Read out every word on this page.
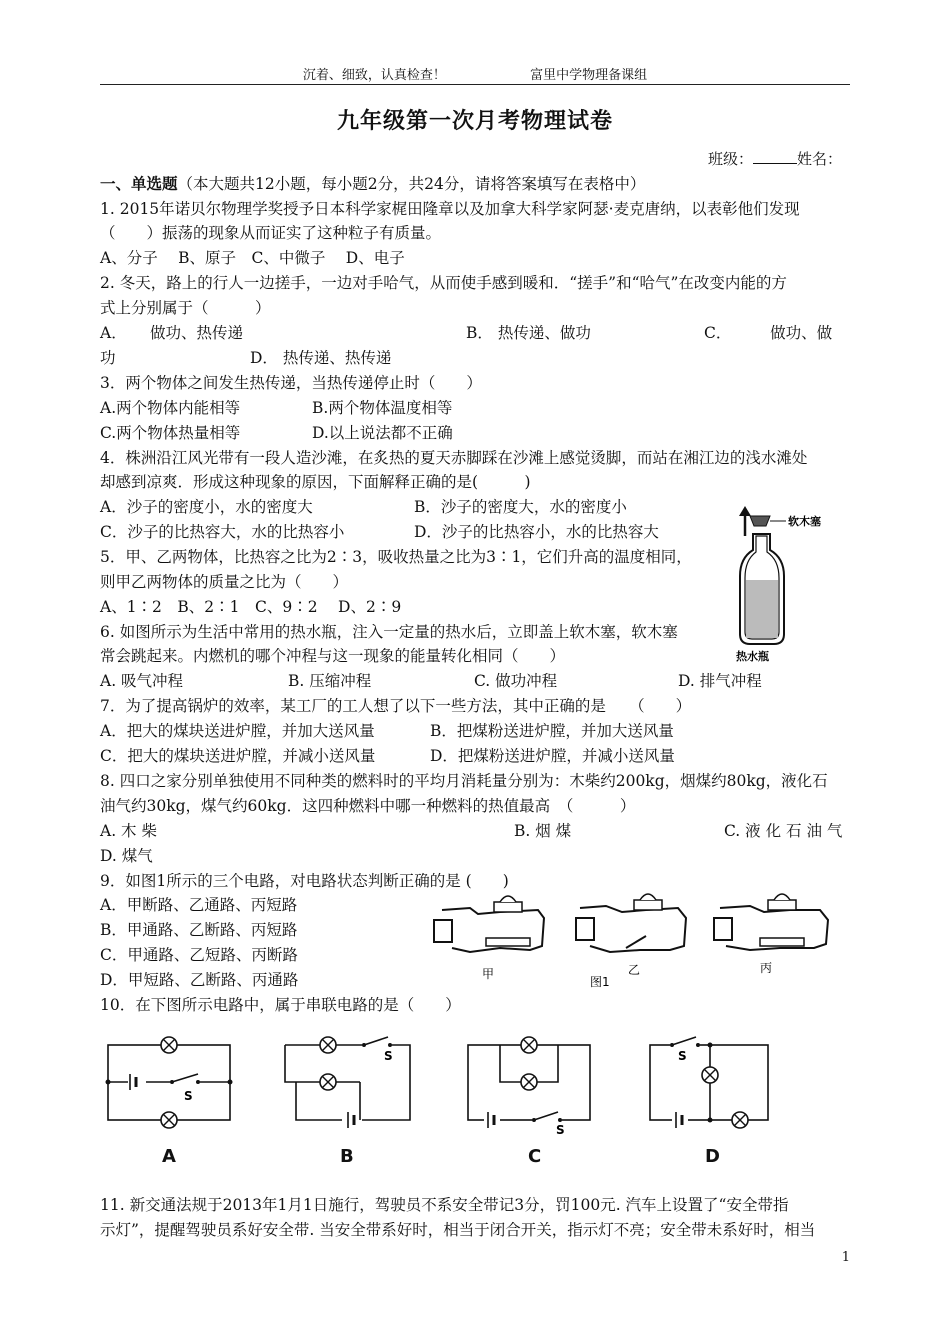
沉着、细致，认真检查！	富里中学物理备课组
九年级第一次月考物理试卷
班级：	姓名：
一、单选题（本大题共12小题，每小题2分，共24分，请将答案填写在表格中）
1. 2015年诺贝尔物理学奖授予日本科学家梶田隆章以及加拿大科学家阿瑟·麦克唐纳，以表彰他们发现
（　　）振荡的现象从而证实了这种粒子有质量。
A、分子　 B、原子　C、中微子　 D、电子
2. 冬天，路上的行人一边搓手，一边对手哈气，从而使手感到暖和．“搓手”和“哈气”在改变内能的方
式上分别属于（　　　）
A．　　做功、热传递	B． 热传递、做功	C．　　　做功、做
功	D． 热传递、热传递
3．两个物体之间发生热传递，当热传递停止时（　　）
A.两个物体内能相等	B.两个物体温度相等
C.两个物体热量相等	D.以上说法都不正确
4．株洲沿江风光带有一段人造沙滩，在炙热的夏天赤脚踩在沙滩上感觉烫脚，而站在湘江边的浅水滩处
却感到凉爽．形成这种现象的原因，下面解释正确的是(　　　)
A．沙子的密度小，水的密度大	B．沙子的密度大，水的密度小
C．沙子的比热容大，水的比热容小	D．沙子的比热容小，水的比热容大
软木塞
热水瓶
5．甲、乙两物体，比热容之比为2∶3，吸收热量之比为3∶1，它们升高的温度相同，
则甲乙两物体的质量之比为（　　）
A、1∶2　B、2∶1　C、9∶2　 D、2∶9
6. 如图所示为生活中常用的热水瓶，注入一定量的热水后，立即盖上软木塞，软木塞
常会跳起来。内燃机的哪个冲程与这一现象的能量转化相同（　　）
A. 吸气冲程	B. 压缩冲程	C. 做功冲程	D. 排气冲程
7．为了提高锅炉的效率，某工厂的工人想了以下一些方法，其中正确的是　　（　　）
A．把大的煤块送进炉膛，并加大送风量	B．把煤粉送进炉膛，并加大送风量
C．把大的煤块送进炉膛，并减小送风量	D．把煤粉送进炉膛，并减小送风量
8. 四口之家分别单独使用不同种类的燃料时的平均月消耗量分别为：木柴约200kg，烟煤约80kg，液化石
油气约30kg，煤气约60kg．这四种燃料中哪一种燃料的热值最高　（　　　）
A. 木 柴	B. 烟 煤	C. 液 化 石 油 气
D. 煤气
9．如图1所示的三个电路，对电路状态判断正确的是 (　　)
A．甲断路、乙通路、丙短路
B．甲通路、乙断路、丙短路
C．甲通路、乙短路、丙断路
D．甲短路、乙断路、丙通路	甲	乙
图1
丙
10．在下图所示电路中，属于串联电路的是（　　）
S
S
S
S
A	B	C	D
11. 新交通法规于2013年1月1日施行，驾驶员不系安全带记3分，罚100元. 汽车上设置了“安全带指
示灯”，提醒驾驶员系好安全带. 当安全带系好时，相当于闭合开关，指示灯不亮；安全带未系好时，相当
1
